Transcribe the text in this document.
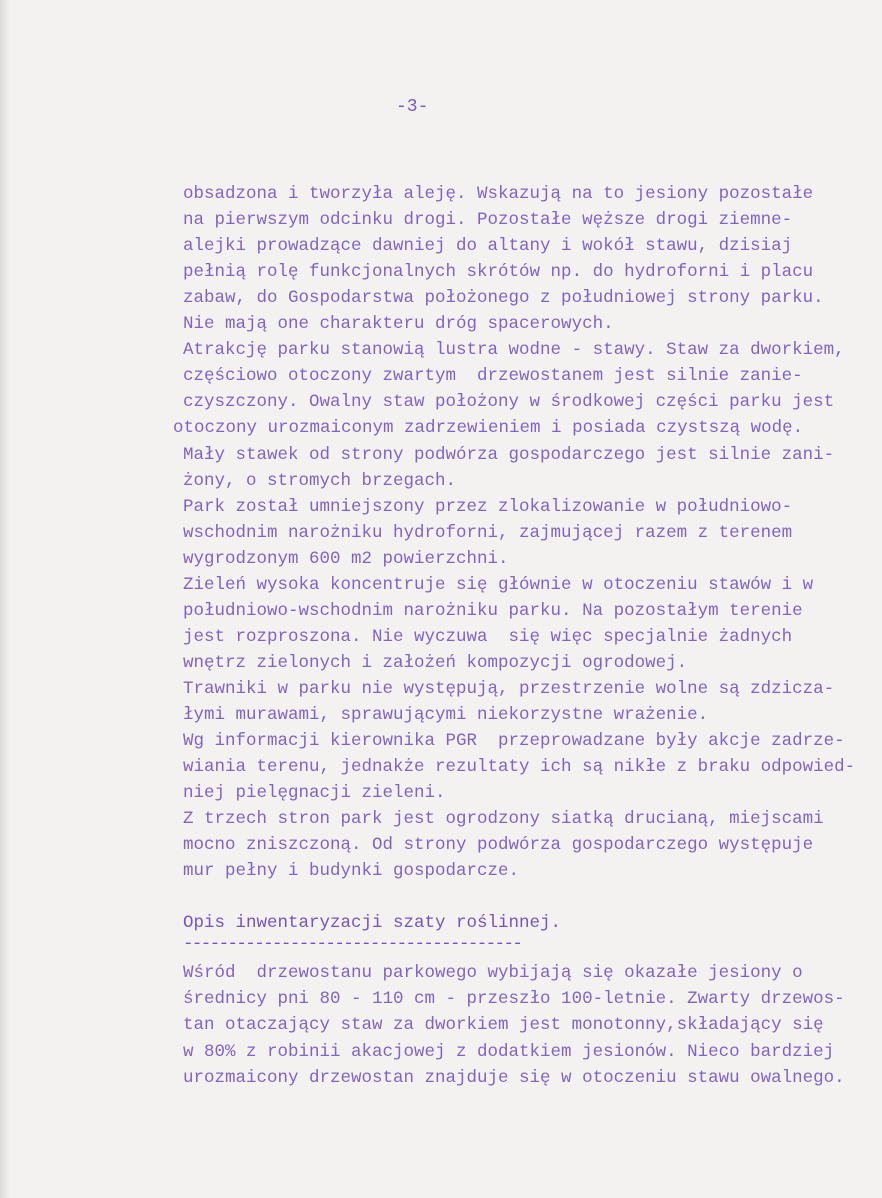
-3-
obsadzona i tworzyła aleję. Wskazują na to jesiony pozostałe
na pierwszym odcinku drogi. Pozostałe węższe drogi ziemne-
alejki prowadzące dawniej do altany i wokół stawu, dzisiaj
pełnią rolę funkcjonalnych skrótów np. do hydroforni i placu
zabaw, do Gospodarstwa położonego z południowej strony parku.
Nie mają one charakteru dróg spacerowych.
Atrakcję parku stanowią lustra wodne - stawy. Staw za dworkiem,
częściowo otoczony zwartym  drzewostanem jest silnie zanie-
czyszczony. Owalny staw położony w środkowej części parku jest
otoczony urozmaiconym zadrzewieniem i posiada czystszą wodę.
Mały stawek od strony podwórza gospodarczego jest silnie zani-
żony, o stromych brzegach.
Park został umniejszony przez zlokalizowanie w południowo-
wschodnim narożniku hydroforni, zajmującej razem z terenem
wygrodzonym 600 m2 powierzchni.
Zieleń wysoka koncentruje się głównie w otoczeniu stawów i w
południowo-wschodnim narożniku parku. Na pozostałym terenie
jest rozproszona. Nie wyczuwa  się więc specjalnie żadnych
wnętrz zielonych i założeń kompozycji ogrodowej.
Trawniki w parku nie występują, przestrzenie wolne są zdzicza-
łymi murawami, sprawującymi niekorzystne wrażenie.
Wg informacji kierownika PGR  przeprowadzane były akcje zadrze-
wiania terenu, jednakże rezultaty ich są nikłe z braku odpowied-
niej pielęgnacji zieleni.
Z trzech stron park jest ogrodzony siatką drucianą, miejscami
mocno zniszczoną. Od strony podwórza gospodarczego występuje
mur pełny i budynki gospodarcze.
Opis inwentaryzacji szaty roślinnej.
--------------------------------------
Wśród  drzewostanu parkowego wybijają się okazałe jesiony o
średnicy pni 80 - 110 cm - przeszło 100-letnie. Zwarty drzewos-
tan otaczający staw za dworkiem jest monotonny,składający się
w 80% z robinii akacjowej z dodatkiem jesionów. Nieco bardziej
urozmaicony drzewostan znajduje się w otoczeniu stawu owalnego.
